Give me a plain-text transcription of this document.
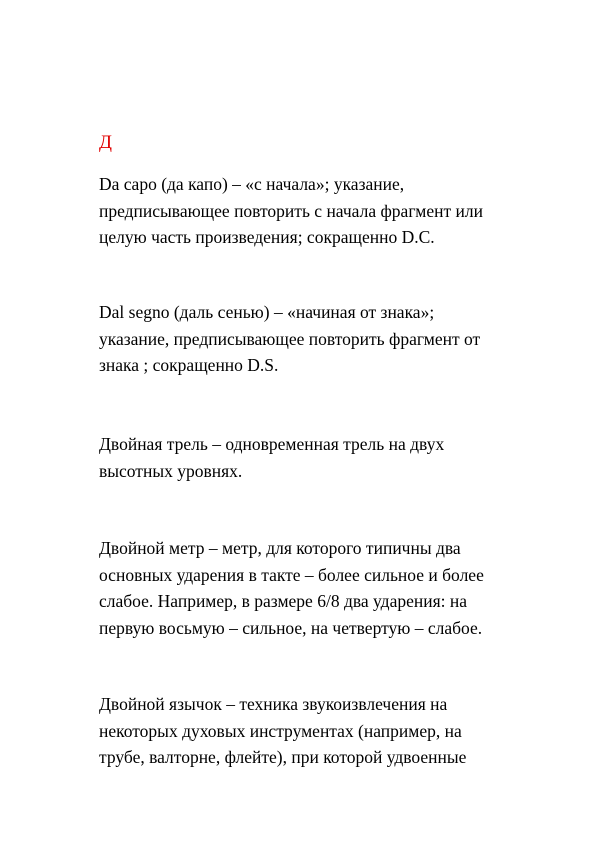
Д
Da capo (да капо) – «с начала»; указание,
предписывающее повторить с начала фрагмент или
целую часть произведения; сокращенно D.C.
Dal segno (даль сенью) – «начиная от знака»;
указание, предписывающее повторить фрагмент от
знака ; сокращенно D.S.
Двойная трель – одновременная трель на двух
высотных уровнях.
Двойной метр – метр, для которого типичны два
основных ударения в такте – более сильное и более
слабое. Например, в размере 6/8 два ударения: на
первую восьмую – сильное, на четвертую – слабое.
Двойной язычок – техника звукоизвлечения на
некоторых духовых инструментах (например, на
трубе, валторне, флейте), при которой удвоенные
